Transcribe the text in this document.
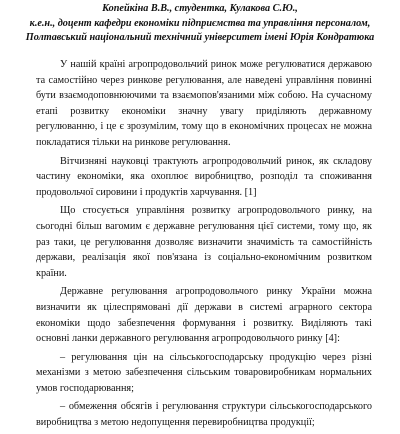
Копейкіна В.В., студентка, Кулакова С.Ю.,
к.е.н., доцент кафедри економіки підприємства та управління персоналом,
Полтавський національний технічний університет імені Юрія Кондратюка

У нашій країні агропродовольчий ринок може регулюватися державою та самостійно через ринкове регулювання, але наведені управління повинні бути взаємодоповнюючими та взаємопов'язаними між собою. На сучасному етапі розвитку економіки значну увагу приділяють державному регулюванню, і це є зрозумілим, тому що в економічних процесах не можна покладатися тільки на ринкове регулювання.

Вітчизняні науковці трактують агропродовольчий ринок, як складову частину економіки, яка охоплює виробництво, розподіл та споживання продовольчої сировини і продуктів харчування. [1]

Що стосується управління розвитку агропродовольчого ринку, на сьогодні більш вагомим є державне регулювання цієї системи, тому що, як раз таки, це регулювання дозволяє визначити значимість та самостійність держави, реалізація якої пов'язана із соціально-економічним розвитком країни.

Державне регулювання агропродовольчого ринку України можна визначити як цілеспрямовані дії держави в системі аграрного сектора економіки щодо забезпечення формування і розвитку. Виділяють такі основні ланки державного регулювання агропродовольчого ринку [4]:

– регулювання цін на сільськогосподарську продукцію через різні механізми з метою забезпечення сільським товаровиробникам нормальних умов господарювання;

– обмеження обсягів і регулювання структури сільськогосподарського виробництва з метою недопущення перевиробництва продукції;
